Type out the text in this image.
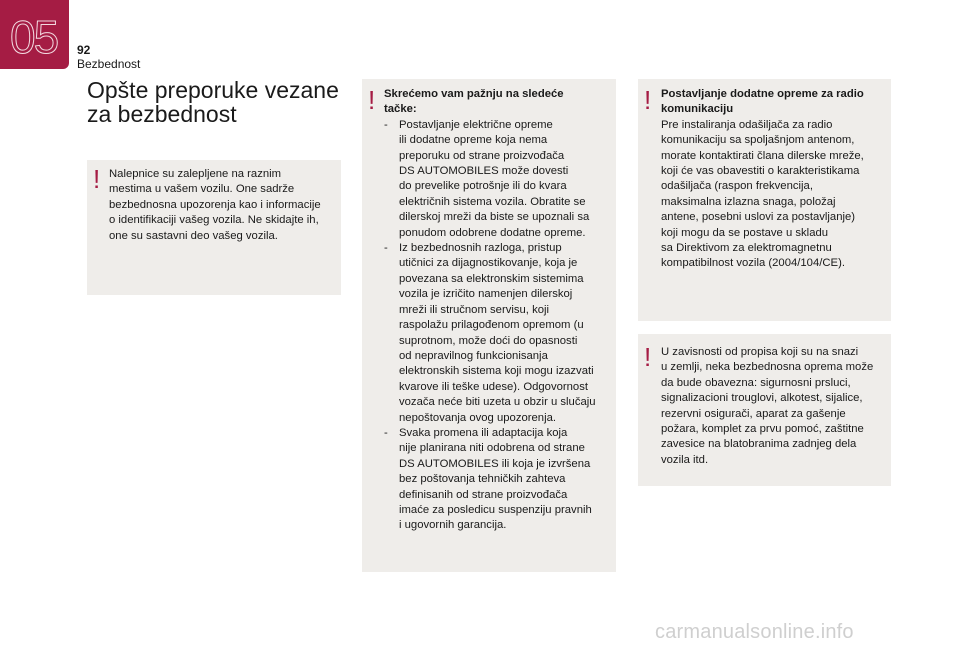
05	92
Bezbednost
Opšte preporuke vezane
za bezbednost
! Nalepnice su zalepljene na raznim

mestima u vašem vozilu. One sadrže

bezbednosna upozorenja kao i informacije

o identifikaciji vašeg vozila. Ne skidajte ih,

one su sastavni deo vašeg vozila.

! Skrećemo vam pažnju na sledeće
tačke:

- Postavljanje električne opreme
ili dodatne opreme koja nema
preporuku od strane proizvođača
DS AUTOMOBILES može dovesti
do prevelike potrošnje ili do kvara
električnih sistema vozila. Obratite se
dilerskoj mreži da biste se upoznali sa
ponudom odobrene dodatne opreme.
- Iz bezbednosnih razloga, pristup
utičnici za dijagnostikovanje, koja je
povezana sa elektronskim sistemima
vozila je izričito namenjen dilerskoj
mreži ili stručnom servisu, koji
raspolažu prilagođenom opremom (u
suprotnom, može doći do opasnosti
od nepravilnog funkcionisanja
elektronskih sistema koji mogu izazvati
kvarove ili teške udese). Odgovornost
vozača neće biti uzeta u obzir u slučaju
nepoštovanja ovog upozorenja.
- Svaka promena ili adaptacija koja
nije planirana niti odobrena od strane
DS AUTOMOBILES ili koja je izvršena
bez poštovanja tehničkih zahteva
definisanih od strane proizvođača
imaće za posledicu suspenziju pravnih
i ugovornih garancija.
! Postavljanje dodatne opreme za radio
komunikaciju

Pre instaliranja odašiljača za radio

komunikaciju sa spoljašnjom antenom,

morate kontaktirati člana dilerske mreže,

koji će vas obavestiti o karakteristikama

odašiljača (raspon frekvencija,

maksimalna izlazna snaga, položaj

antene, posebni uslovi za postavljanje)

koji mogu da se postave u skladu

sa Direktivom za elektromagnetnu

kompatibilnost vozila (2004/104/CE).

! U zavisnosti od propisa koji su na snazi

u zemlji, neka bezbednosna oprema može

da bude obavezna: sigurnosni prsluci,

signalizacioni trouglovi, alkotest, sijalice,

rezervni osigurači, aparat za gašenje

požara, komplet za prvu pomoć, zaštitne

zavesice na blatobranima zadnjeg dela

vozila itd.

carmanualsonline.info
